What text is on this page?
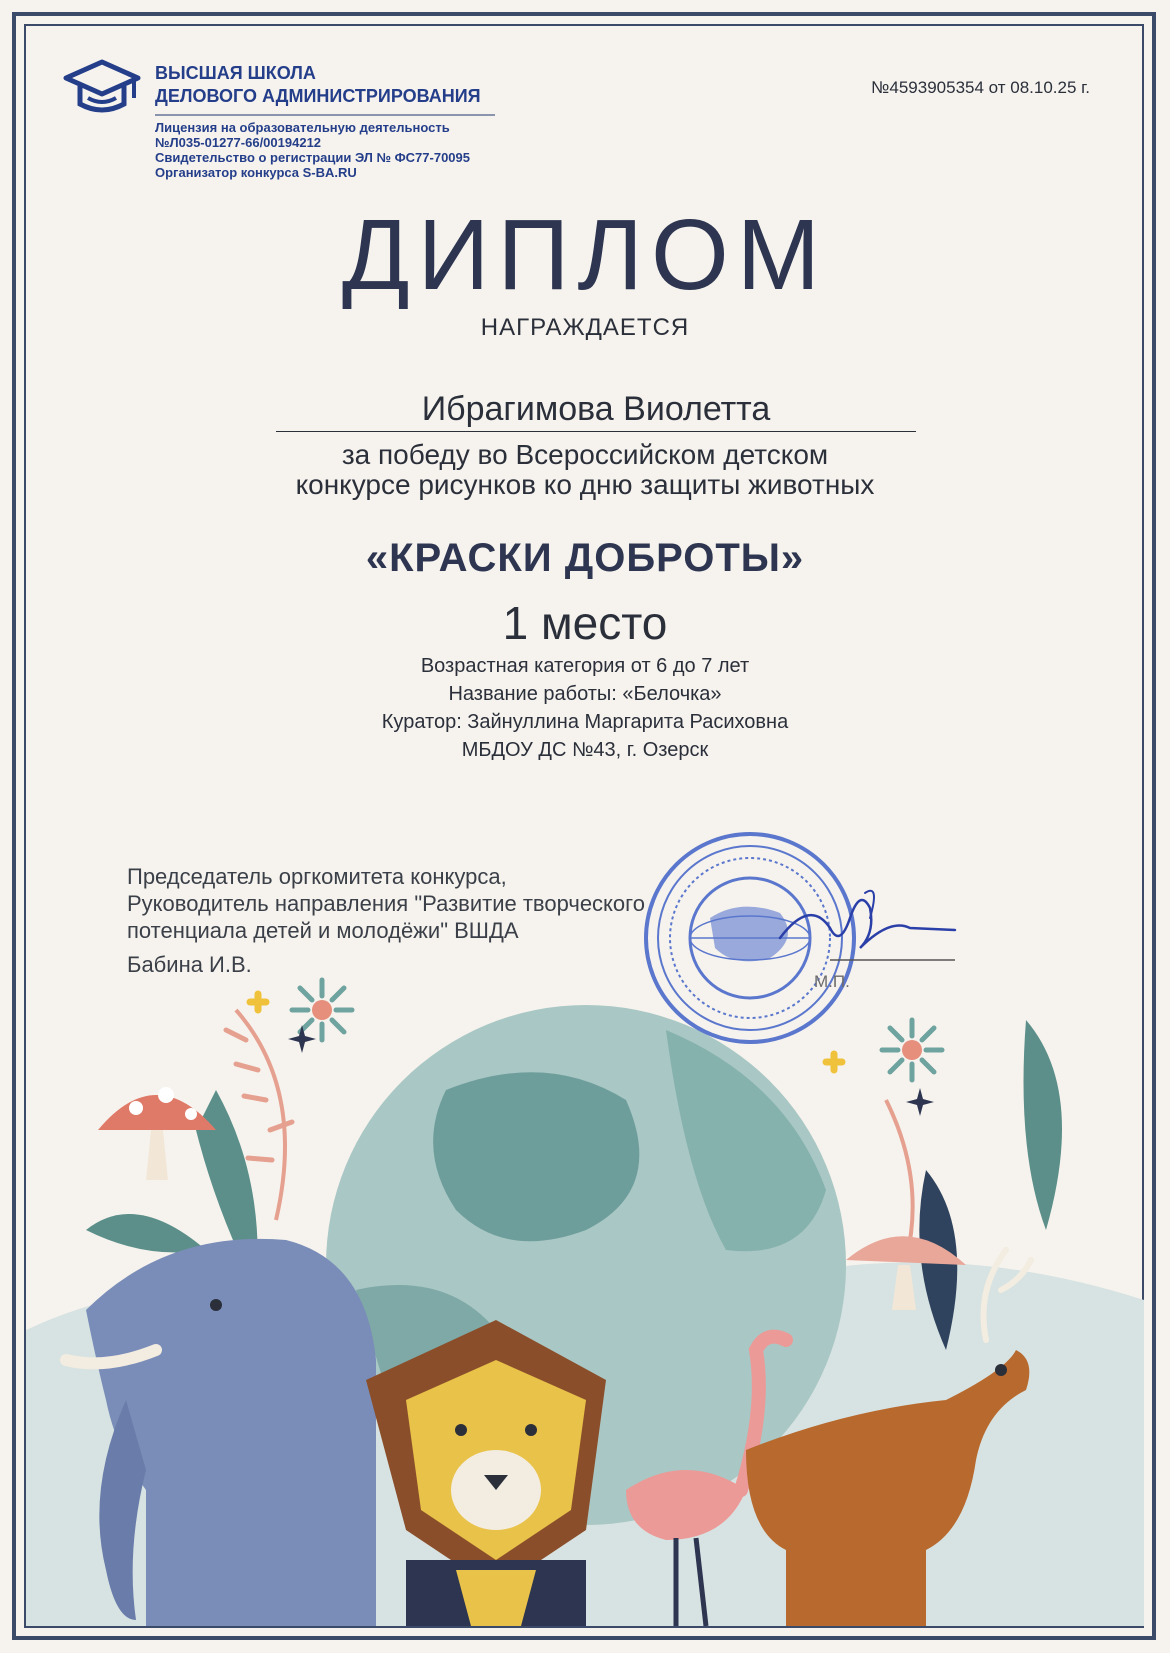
ВЫСШАЯ ШКОЛА
ДЕЛОВОГО АДМИНИСТРИРОВАНИЯ
Лицензия на образовательную деятельность
№Л035-01277-66/00194212
Свидетельство о регистрации ЭЛ № ФС77-70095
Организатор конкурса S-BA.RU
№4593905354 от 08.10.25 г.
ДИПЛОМ
НАГРАЖДАЕТСЯ
Ибрагимова Виолетта
за победу во Всероссийском детском
конкурсе рисунков ко дню защиты животных
«КРАСКИ ДОБРОТЫ»
1 место
Возрастная категория от 6 до 7 лет
Название работы: «Белочка»
Куратор: Зайнуллина Маргарита Расиховна
МБДОУ ДС №43, г. Озерск
Председатель оргкомитета конкурса,
Руководитель направления "Развитие творческого
потенциала детей и молодёжи" ВШДА
Бабина И.В.
М.П.
